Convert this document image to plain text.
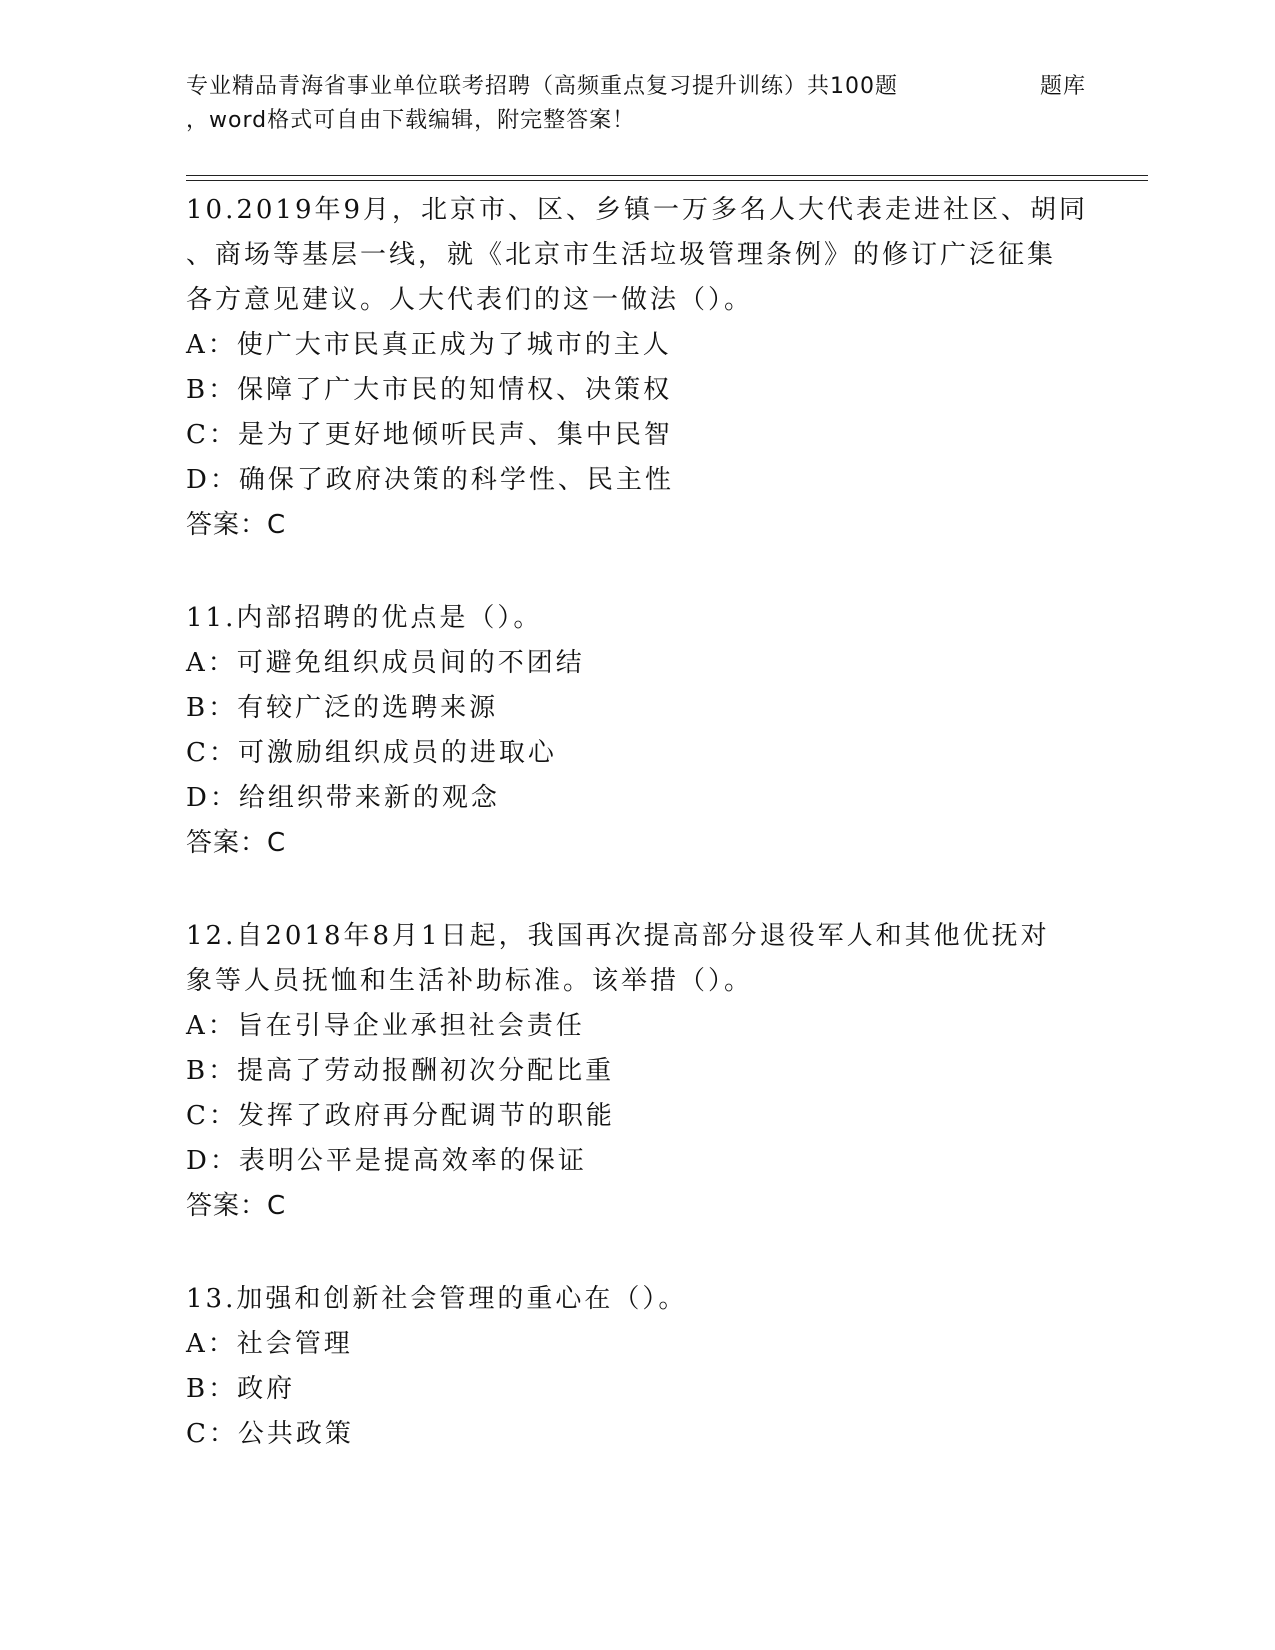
专业精品青海省事业单位联考招聘（高频重点复习提升训练）共100题	题库
，word格式可自由下载编辑，附完整答案！
10.2019年9月，北京市、区、乡镇一万多名人大代表走进社区、胡同
、商场等基层一线，就《北京市生活垃圾管理条例》的修订广泛征集
各方意见建议。人大代表们的这一做法（）。
A：使广大市民真正成为了城市的主人
B：保障了广大市民的知情权、决策权
C：是为了更好地倾听民声、集中民智
D：确保了政府决策的科学性、民主性
答案：C
11.内部招聘的优点是（）。
A：可避免组织成员间的不团结
B：有较广泛的选聘来源
C：可激励组织成员的进取心
D：给组织带来新的观念
答案：C
12.自2018年8月1日起，我国再次提高部分退役军人和其他优抚对
象等人员抚恤和生活补助标准。该举措（）。
A：旨在引导企业承担社会责任
B：提高了劳动报酬初次分配比重
C：发挥了政府再分配调节的职能
D：表明公平是提高效率的保证
答案：C
13.加强和创新社会管理的重心在（）。
A：社会管理
B：政府
C：公共政策
